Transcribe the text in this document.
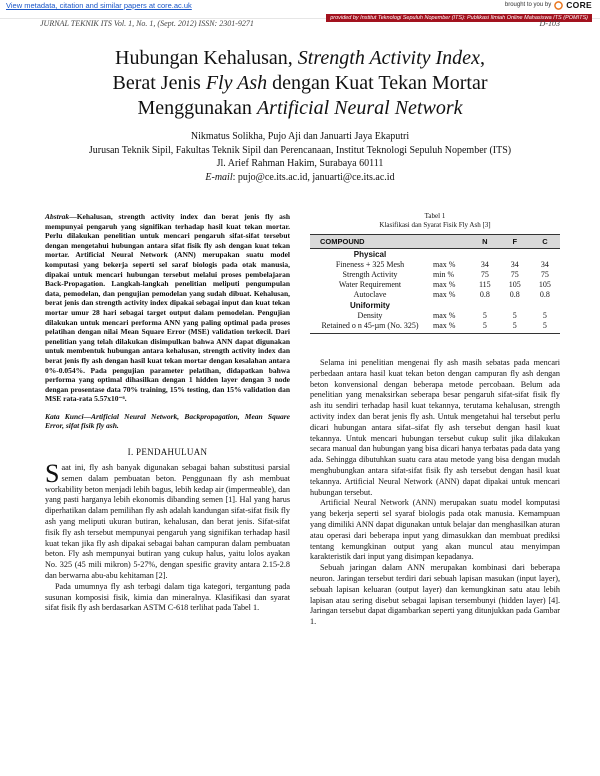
View metadata, citation and similar papers at core.ac.uk	brought to you by CORE
provided by Institut Teknologi Sepuluh Nopember (ITS): Publikasi Ilmiah Online Mahasiswa ITS (POMITS)
JURNAL TEKNIK ITS Vol. 1, No. 1, (Sept. 2012) ISSN: 2301-9271	D-103
Hubungan Kehalusan, Strength Activity Index,
Berat Jenis Fly Ash dengan Kuat Tekan Mortar
Menggunakan Artificial Neural Network
Nikmatus Solikha, Pujo Aji dan Januarti Jaya Ekaputri
Jurusan Teknik Sipil, Fakultas Teknik Sipil dan Perencanaan, Institut Teknologi Sepuluh Nopember (ITS)
Jl. Arief Rahman Hakim, Surabaya 60111
E-mail: pujo@ce.its.ac.id, januarti@ce.its.ac.id
Abstrak—Kehalusan, strength activity index dan berat jenis fly ash mempunyai pengaruh yang signifikan terhadap hasil kuat tekan mortar. Perlu dilakukan penelitian untuk mencari pengaruh sifat-sifat tersebut dengan mengetahui hubungan antara sifat fisik fly ash dengan kuat tekan mortar. Artificial Neural Network (ANN) merupakan suatu model komputasi yang bekerja seperti sel saraf biologis pada otak manusia, dipakai untuk mencari hubungan tersebut melalui proses pembelajaran Back-Propagation. Langkah-langkah penelitian meliputi pengumpulan data, pemodelan, dan pengujian pemodelan yang sudah dibuat. Kehalusan, berat jenis dan strength activity index dipakai sebagai input dan kuat tekan mortar umur 28 hari sebagai target output dalam pemodelan. Pengujian dilakukan untuk mencari performa ANN yang paling optimal pada proses pelatihan dengan nilai Mean Square Error (MSE) validation terkecil. Dari penelitian yang telah dilakukan disimpulkan bahwa ANN dapat digunakan untuk membentuk hubungan antara kehalusan, strength activity index dan berat jenis fly ash dengan hasil kuat tekan mortar dengan kesalahan antara 0%-0.054%. Pada pengujian parameter pelatihan, didapatkan bahwa performa yang optimal dihasilkan dengan 1 hidden layer dengan 3 node dengan prosentase data 70% training, 15% testing, dan 15% validation dan MSE rata-rata 5.57x10⁻⁶.
Kata Kunci—Artificial Neural Network, Backpropagation, Mean Square Error, sifat fisik fly ash.
I. PENDAHULUAN

Saat ini, fly ash banyak digunakan sebagai bahan substitusi parsial semen dalam pembuatan beton. Penggunaan fly ash membuat workability beton menjadi lebih bagus, lebih kedap air (impermeable), dan yang pasti harganya lebih ekonomis dibanding semen [1]. Hal yang harus diperhatikan dalam pemilihan fly ash adalah kandungan sifat-sifat fisik fly ash yang meliputi ukuran butiran, kehalusan, dan berat jenis. Sifat-sifat fisik fly ash tersebut mempunyai pengaruh yang signifikan terhadap hasil kuat tekan jika fly ash dipakai sebagai bahan campuran dalam pembuatan beton. Fly ash mempunyai butiran yang cukup halus, yaitu lolos ayakan No. 325 (45 mili mikron) 5-27%, dengan spesific gravity antara 2.15-2.8 dan berwarna abu-abu kehitaman [2].

Pada umumnya fly ash terbagi dalam tiga kategori, tergantung pada susunan komposisi fisik, kimia dan mineralnya. Klasifikasi dan syarat sifat fisik fly ash berdasarkan ASTM C-618 terlihat pada Tabel 1.

Tabel 1
Klasifikasi dan Syarat Fisik Fly Ash [3]
COMPOUND		N	F	C
Physical				
Fineness + 325 Mesh	max %	34	34	34
Strength Activity	min %	75	75	75
Water Requirement	max %	115	105	105
Autoclave	max %	0.8	0.8	0.8
Uniformity				
Density	max %	5	5	5
Retained o n 45-µm (No. 325)	max %	5	5	5

Selama ini penelitian mengenai fly ash masih sebatas pada mencari perbedaan antara hasil kuat tekan beton dengan campuran fly ash dengan beton konvensional dengan beberapa metode percobaan. Belum ada penelitian yang menaksirkan seberapa besar pengaruh sifat-sifat fisik fly ash itu sendiri terhadap hasil kuat tekannya, terutama kehalusan, strength activity index dan berat jenis fly ash. Untuk mengetahui hal tersebut perlu dicari hubungan antara sifat–sifat fly ash tersebut dengan hasil kuat tekannya. Untuk mencari hubungan tersebut cukup sulit jika dilakukan secara manual dan hubungan yang bisa dicari hanya terbatas pada data yang ada. Sehingga dibutuhkan suatu cara atau metode yang bisa dengan mudah menghubungkan antara sifat-sifat fisik fly ash tersebut dengan hasil kuat tekannya. Artificial Neural Network (ANN) dapat dipakai untuk mencari hubungan tersebut.

Artificial Neural Network (ANN) merupakan suatu model komputasi yang bekerja seperti sel syaraf biologis pada otak manusia. Kemampuan yang dimiliki ANN dapat digunakan untuk belajar dan menghasilkan aturan atau operasi dari beberapa input yang dimasukkan dan membuat prediksi tentang kemungkinan output yang akan muncul atau menyimpan karakteristik dari input yang disimpan kepadanya.

Sebuah jaringan dalam ANN merupakan kombinasi dari beberapa neuron. Jaringan tersebut terdiri dari sebuah lapisan masukan (input layer), sebuah lapisan keluaran (output layer) dan kemungkinan satu atau lebih lapisan atau sering disebut sebagai lapisan tersembunyi (hidden layer) [4]. Jaringan tersebut dapat digambarkan seperti yang ditunjukkan pada Gambar 1.
